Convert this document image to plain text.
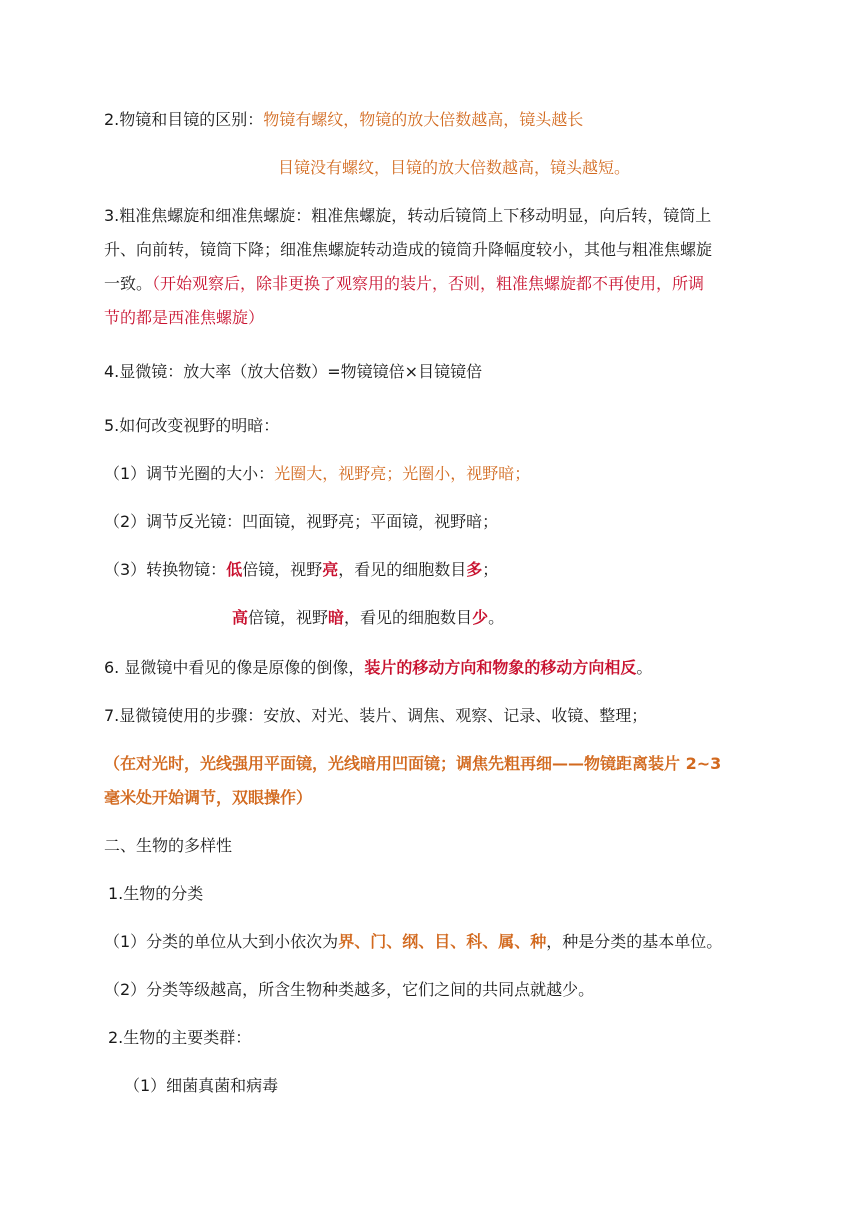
2.物镜和目镜的区别：物镜有螺纹，物镜的放大倍数越高，镜头越长
目镜没有螺纹，目镜的放大倍数越高，镜头越短。
3.粗准焦螺旋和细准焦螺旋：粗准焦螺旋，转动后镜筒上下移动明显，向后转，镜筒上
升、向前转，镜筒下降；细准焦螺旋转动造成的镜筒升降幅度较小，其他与粗准焦螺旋
一致。（开始观察后，除非更换了观察用的装片，否则，粗准焦螺旋都不再使用，所调
节的都是西准焦螺旋）
4.显微镜：放大率（放大倍数）=物镜镜倍×目镜镜倍
5.如何改变视野的明暗：
（1）调节光圈的大小：光圈大，视野亮；光圈小，视野暗；
（2）调节反光镜：凹面镜，视野亮；平面镜，视野暗；
（3）转换物镜：低倍镜，视野亮，看见的细胞数目多；
高倍镜，视野暗，看见的细胞数目少。
6. 显微镜中看见的像是原像的倒像，装片的移动方向和物象的移动方向相反。
7.显微镜使用的步骤：安放、对光、装片、调焦、观察、记录、收镜、整理；
（在对光时，光线强用平面镜，光线暗用凹面镜；调焦先粗再细——物镜距离装片 2~3
毫米处开始调节，双眼操作）
二、生物的多样性
1.生物的分类
（1）分类的单位从大到小依次为界、门、纲、目、科、属、种，种是分类的基本单位。
（2）分类等级越高，所含生物种类越多，它们之间的共同点就越少。
2.生物的主要类群：
（1）细菌真菌和病毒
